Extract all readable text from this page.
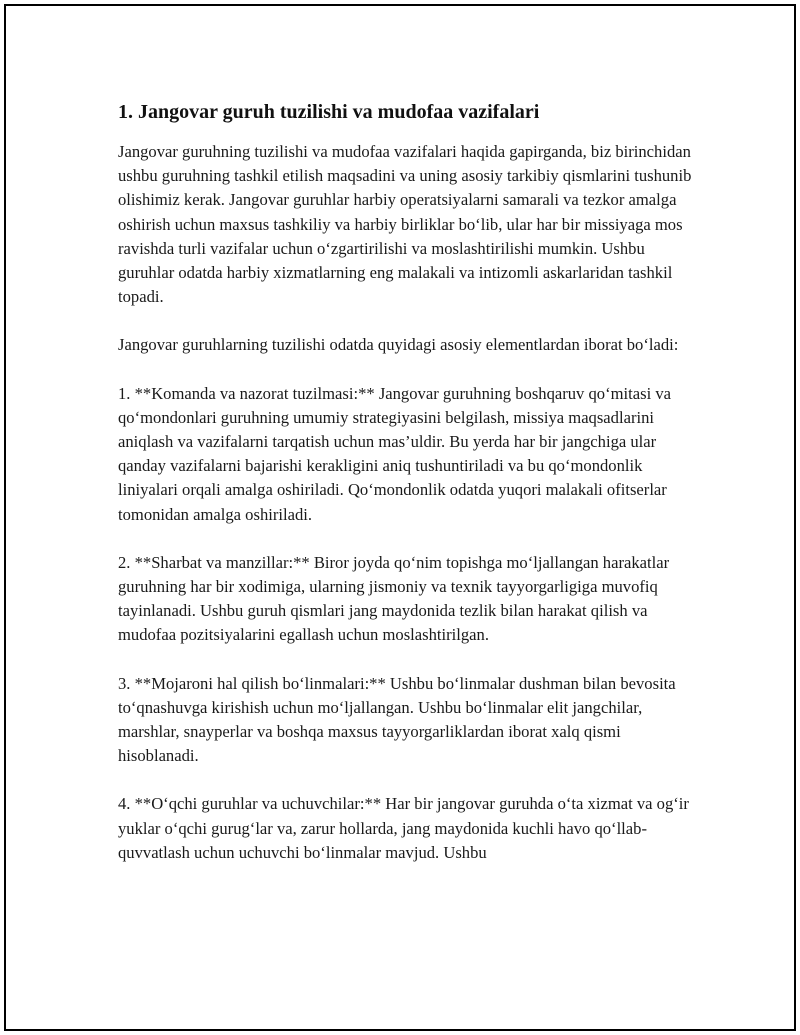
1. Jangovar guruh tuzilishi va mudofaa vazifalari

Jangovar guruhning tuzilishi va mudofaa vazifalari haqida gapirganda, biz birinchidan ushbu guruhning tashkil etilish maqsadini va uning asosiy tarkibiy qismlarini tushunib olishimiz kerak. Jangovar guruhlar harbiy operatsiyalarni samarali va tezkor amalga oshirish uchun maxsus tashkiliy va harbiy birliklar bo‘lib, ular har bir missiyaga mos ravishda turli vazifalar uchun o‘zgartirilishi va moslashtirilishi mumkin. Ushbu guruhlar odatda harbiy xizmatlarning eng malakali va intizomli askarlaridan tashkil topadi.

Jangovar guruhlarning tuzilishi odatda quyidagi asosiy elementlardan iborat bo‘ladi:

1. **Komanda va nazorat tuzilmasi:** Jangovar guruhning boshqaruv qo‘mitasi va qo‘mondonlari guruhning umumiy strategiyasini belgilash, missiya maqsadlarini aniqlash va vazifalarni tarqatish uchun mas’uldir. Bu yerda har bir jangchiga ular qanday vazifalarni bajarishi kerakligini aniq tushuntiriladi va bu qo‘mondonlik liniyalari orqali amalga oshiriladi. Qo‘mondonlik odatda yuqori malakali ofitserlar tomonidan amalga oshiriladi.

2. **Sharbat va manzillar:** Biror joyda qo‘nim topishga mo‘ljallangan harakatlar guruhning har bir xodimiga, ularning jismoniy va texnik tayyorgarligiga muvofiq tayinlanadi. Ushbu guruh qismlari jang maydonida tezlik bilan harakat qilish va mudofaa pozitsiyalarini egallash uchun moslashtirilgan.

3. **Mojaroni hal qilish bo‘linmalari:** Ushbu bo‘linmalar dushman bilan bevosita to‘qnashuvga kirishish uchun mo‘ljallangan. Ushbu bo‘linmalar elit jangchilar, marshlar, snayperlar va boshqa maxsus tayyorgarliklardan iborat xalq qismi hisoblanadi.

4. **O‘qchi guruhlar va uchuvchilar:** Har bir jangovar guruhda o‘ta xizmat va og‘ir yuklar o‘qchi gurug‘lar va, zarur hollarda, jang maydonida kuchli havo qo‘llab-quvvatlash uchun uchuvchi bo‘linmalar mavjud. Ushbu
